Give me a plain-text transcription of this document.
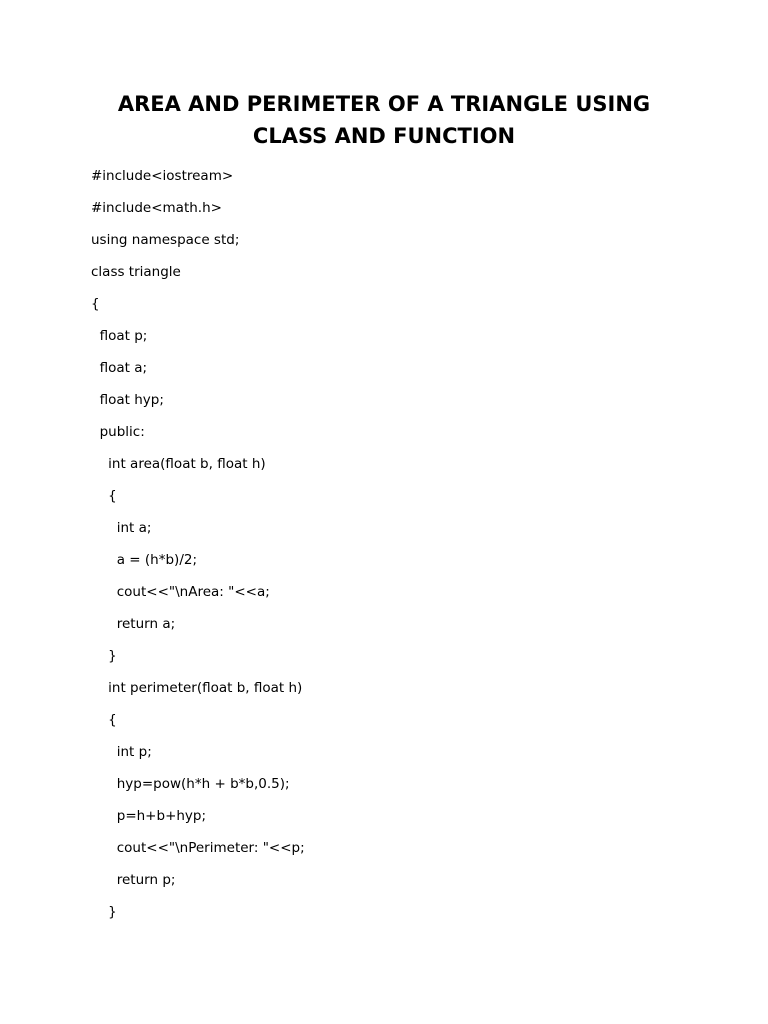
AREA AND PERIMETER OF A TRIANGLE USING
CLASS AND FUNCTION
#include<iostream>
#include<math.h>
using namespace std;
class triangle
{
float p;
float a;
float hyp;
public:
int area(float b, float h)
{
int a;
a = (h*b)/2;
cout<<"\nArea: "<<a;
return a;
}
int perimeter(float b, float h)
{
int p;
hyp=pow(h*h + b*b,0.5);
p=h+b+hyp;
cout<<"\nPerimeter: "<<p;
return p;
}
